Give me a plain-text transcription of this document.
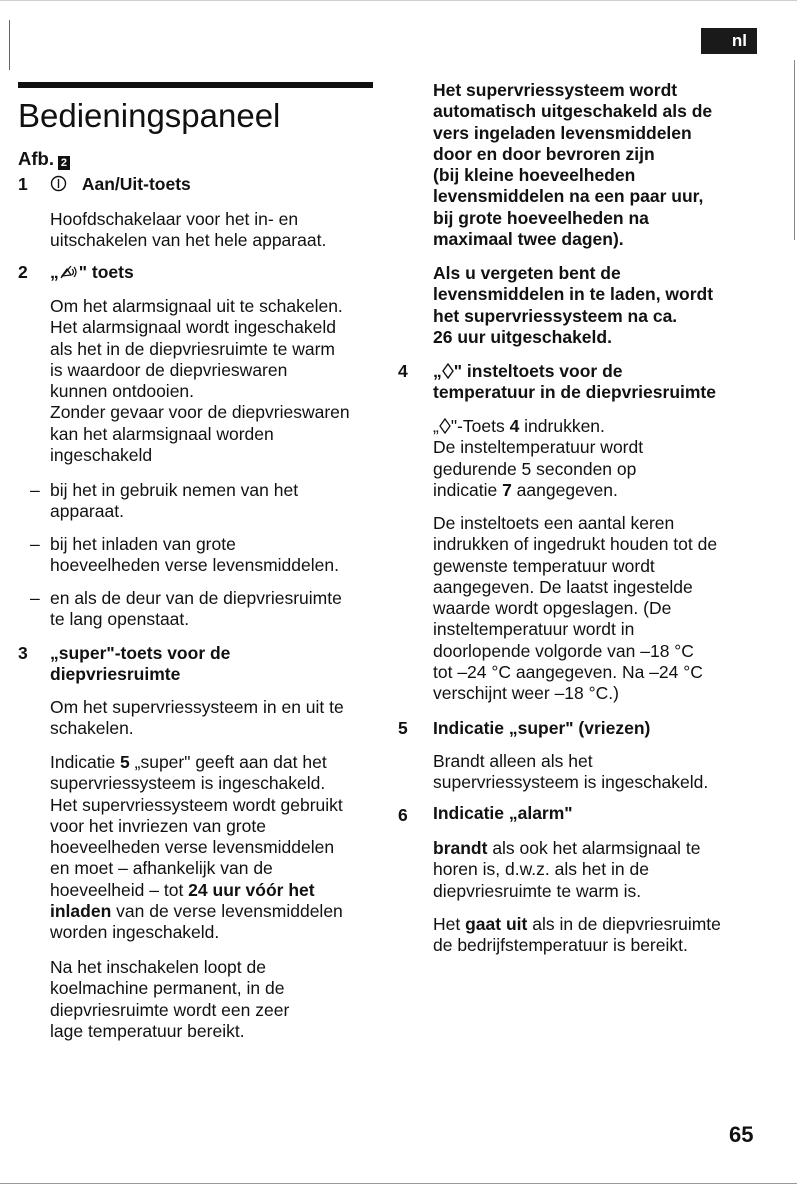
nl
Bedieningspaneel
Afb. 2
1	Aan/Uit-toets
Hoofdschakelaar voor het in- en
uitschakelen van het hele apparaat.
2 „ " toets
Om het alarmsignaal uit te schakelen.
Het alarmsignaal wordt ingeschakeld
als het in de diepvriesruimte te warm
is waardoor de diepvrieswaren
kunnen ontdooien.
Zonder gevaar voor de diepvrieswaren
kan het alarmsignaal worden
ingeschakeld
– bij het in gebruik nemen van het
apparaat.
– bij het inladen van grote
hoeveelheden verse levensmiddelen.
– en als de deur van de diepvriesruimte
te lang openstaat.
3 „super"-toets voor de
diepvriesruimte
Om het supervriessysteem in en uit te
schakelen.
Indicatie 5 „super" geeft aan dat het
supervriessysteem is ingeschakeld.
Het supervriessysteem wordt gebruikt
voor het invriezen van grote
hoeveelheden verse levensmiddelen
en moet – afhankelijk van de
hoeveelheid – tot 24 uur vóór het
inladen van de verse levensmiddelen
worden ingeschakeld.
Na het inschakelen loopt de
koelmachine permanent, in de
diepvriesruimte wordt een zeer
lage temperatuur bereikt.
Het supervriessysteem wordt
automatisch uitgeschakeld als de
vers ingeladen levensmiddelen
door en door bevroren zijn
(bij kleine hoeveelheden
levensmiddelen na een paar uur,
bij grote hoeveelheden na
maximaal twee dagen).
Als u vergeten bent de
levensmiddelen in te laden, wordt
het supervriessysteem na ca.
26 uur uitgeschakeld.
4 „ " insteltoets voor de
temperatuur in de diepvriesruimte
„ "-Toets 4 indrukken.
De insteltemperatuur wordt
gedurende 5 seconden op
indicatie 7 aangegeven.
De insteltoets een aantal keren
indrukken of ingedrukt houden tot de
gewenste temperatuur wordt
aangegeven. De laatst ingestelde
waarde wordt opgeslagen. (De
insteltemperatuur wordt in
doorlopende volgorde van –18 °C
tot –24 °C aangegeven. Na –24 °C
verschijnt weer –18 °C.)
5 Indicatie „super" (vriezen)
Brandt alleen als het
supervriessysteem is ingeschakeld.
6 Indicatie „alarm"
brandt als ook het alarmsignaal te
horen is, d.w.z. als het in de
diepvriesruimte te warm is.
Het gaat uit als in de diepvriesruimte
de bedrijfstemperatuur is bereikt.
65
